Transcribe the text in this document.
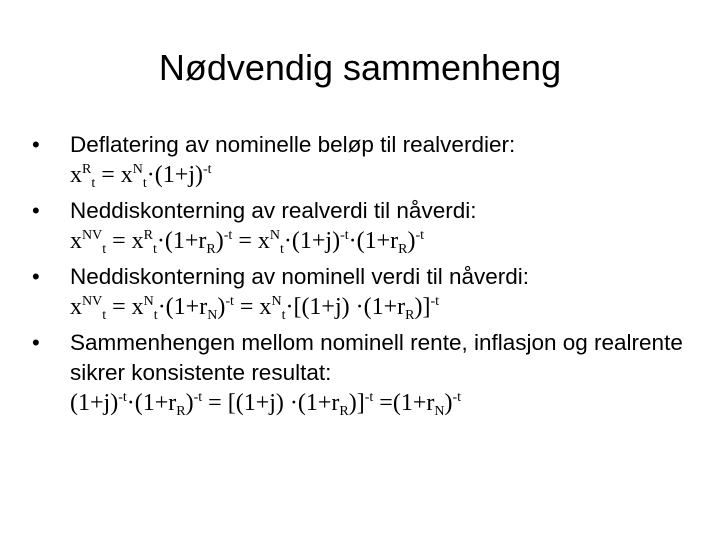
Nødvendig sammenheng
• Deflatering av nominelle beløp til realverdier:
$x^R_t = x^N_t\cdot(1+j)^{-t}$
• Neddiskonterning av realverdi til nåverdi:
$x^{NV}_t = x^R_t\cdot(1+r_R)^{-t} = x^N_t\cdot(1+j)^{-t}\cdot(1+r_R)^{-t}$
• Neddiskonterning av nominell verdi til nåverdi:
$x^{NV}_t = x^N_t\cdot(1+r_N)^{-t} = x^N_t\cdot[(1+j) \cdot(1+r_R)]^{-t}$
• Sammenhengen mellom nominell rente, inflasjon og realrente sikrer konsistente resultat:
$(1+j)^{-t}\cdot(1+r_R)^{-t} = [(1+j) \cdot(1+r_R)]^{-t} =(1+r_N)^{-t}$
